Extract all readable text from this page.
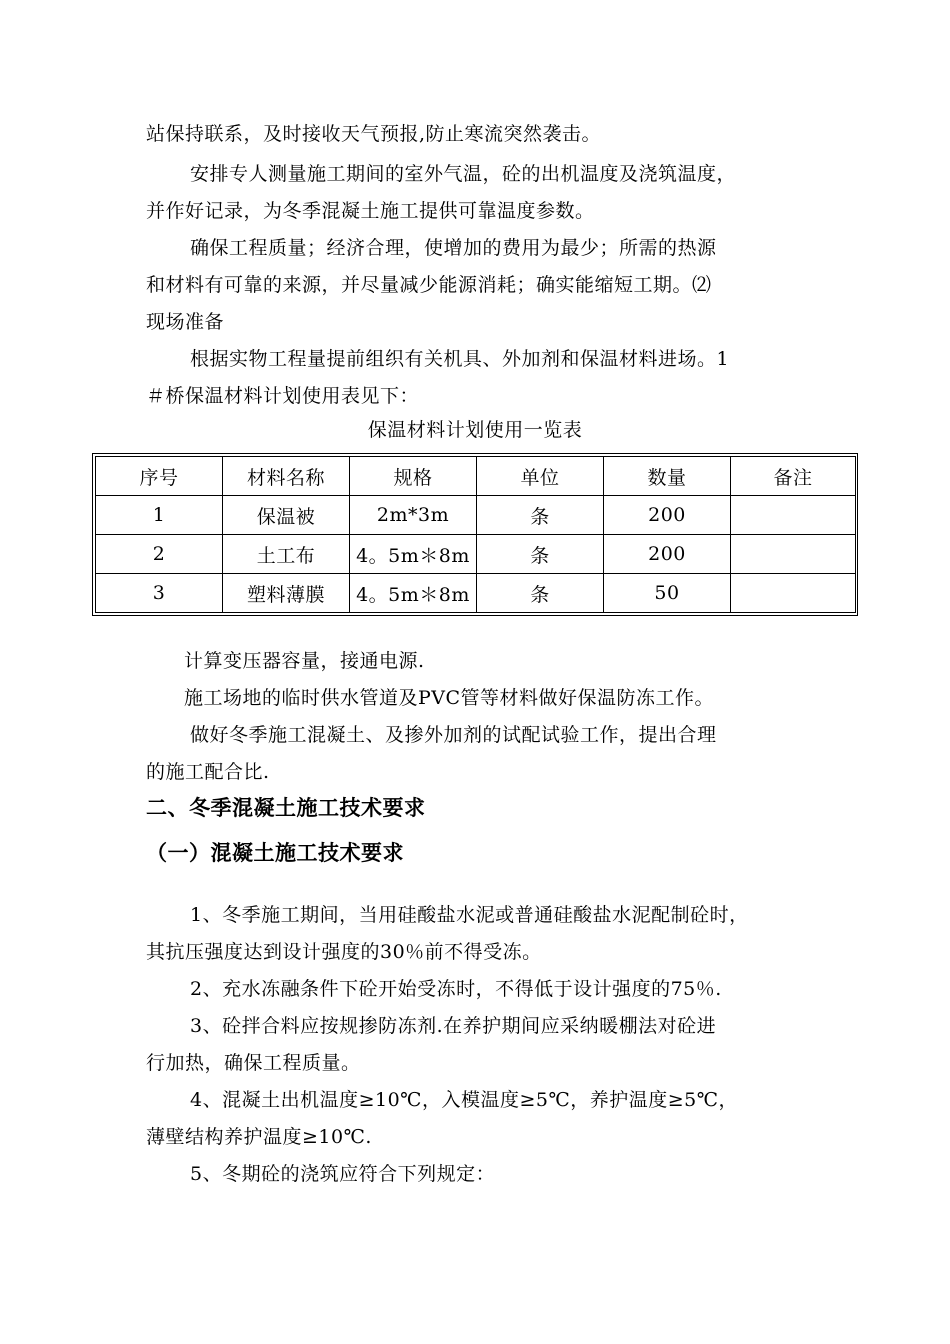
站保持联系，及时接收天气预报,防止寒流突然袭击。
安排专人测量施工期间的室外气温，砼的出机温度及浇筑温度，
并作好记录，为冬季混凝土施工提供可靠温度参数。
确保工程质量；经济合理，使增加的费用为最少；所需的热源
和材料有可靠的来源，并尽量减少能源消耗；确实能缩短工期。⑵
现场准备
根据实物工程量提前组织有关机具、外加剂和保温材料进场。1
＃桥保温材料计划使用表见下：
保温材料计划使用一览表
序号	材料名称	规格	单位	数量	备注
1	保温被	2m*3m	条	200	
2	土工布	4。5m＊8m	条	200	
3	塑料薄膜	4。5m＊8m	条	50	
计算变压器容量，接通电源.
施工场地的临时供水管道及PVC管等材料做好保温防冻工作。
做好冬季施工混凝土、及掺外加剂的试配试验工作，提出合理
的施工配合比.
二、冬季混凝土施工技术要求
（一）混凝土施工技术要求
1、冬季施工期间，当用硅酸盐水泥或普通硅酸盐水泥配制砼时，
其抗压强度达到设计强度的30％前不得受冻。
2、充水冻融条件下砼开始受冻时，不得低于设计强度的75％.
3、砼拌合料应按规掺防冻剂.在养护期间应采纳暖棚法对砼进
行加热，确保工程质量。
4、混凝土出机温度≥10℃，入模温度≥5℃，养护温度≥5℃，
薄壁结构养护温度≥10℃.
5、冬期砼的浇筑应符合下列规定：
